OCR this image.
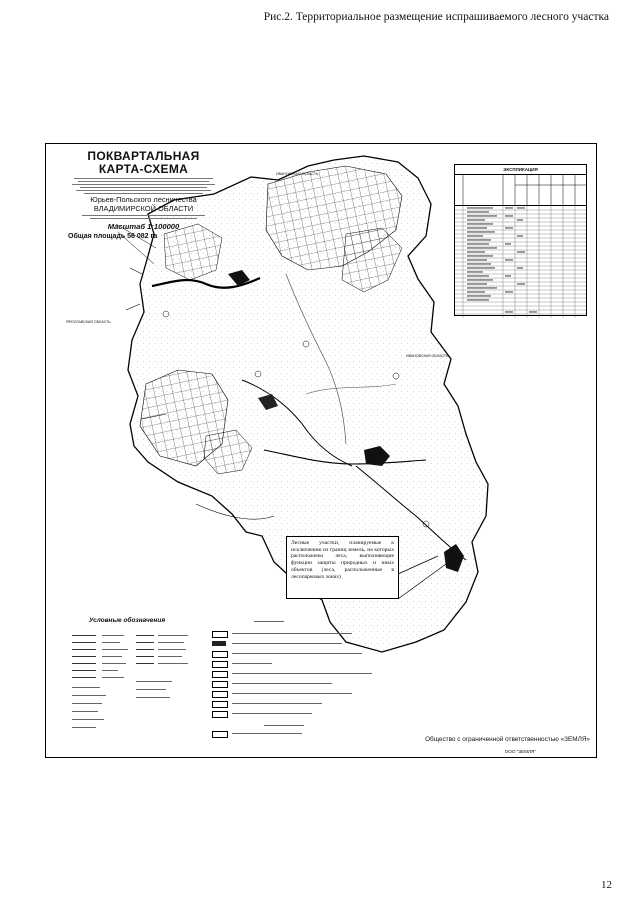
Рис.2. Территориальное размещение испрашиваемого лесного участка
ПОКВАРТАЛЬНАЯ
КАРТА-СХЕМА
Юрьев-Польского лесничества
ВЛАДИМИРСКОЙ ОБЛАСТИ
Масштаб 1:100000
Общая площадь 56 082 га
ИВАНОВСКАЯ ОБЛАСТЬ
ИВАНОВСКАЯ ОБЛАСТЬ
ЯРОСЛАВСКАЯ ОБЛАСТЬ
ЭКСПЛИКАЦИЯ
Лесные участки, планируемые к исключению из границ земель, на которых расположены леса, выполняющие функции защиты природных и иных объектов (леса, расположенные в лесопарковых зонах)
Условные обозначения
Общество с ограниченной ответственностью «ЗЕМЛЯ»
ООО "ЗЕМЛЯ"
12
